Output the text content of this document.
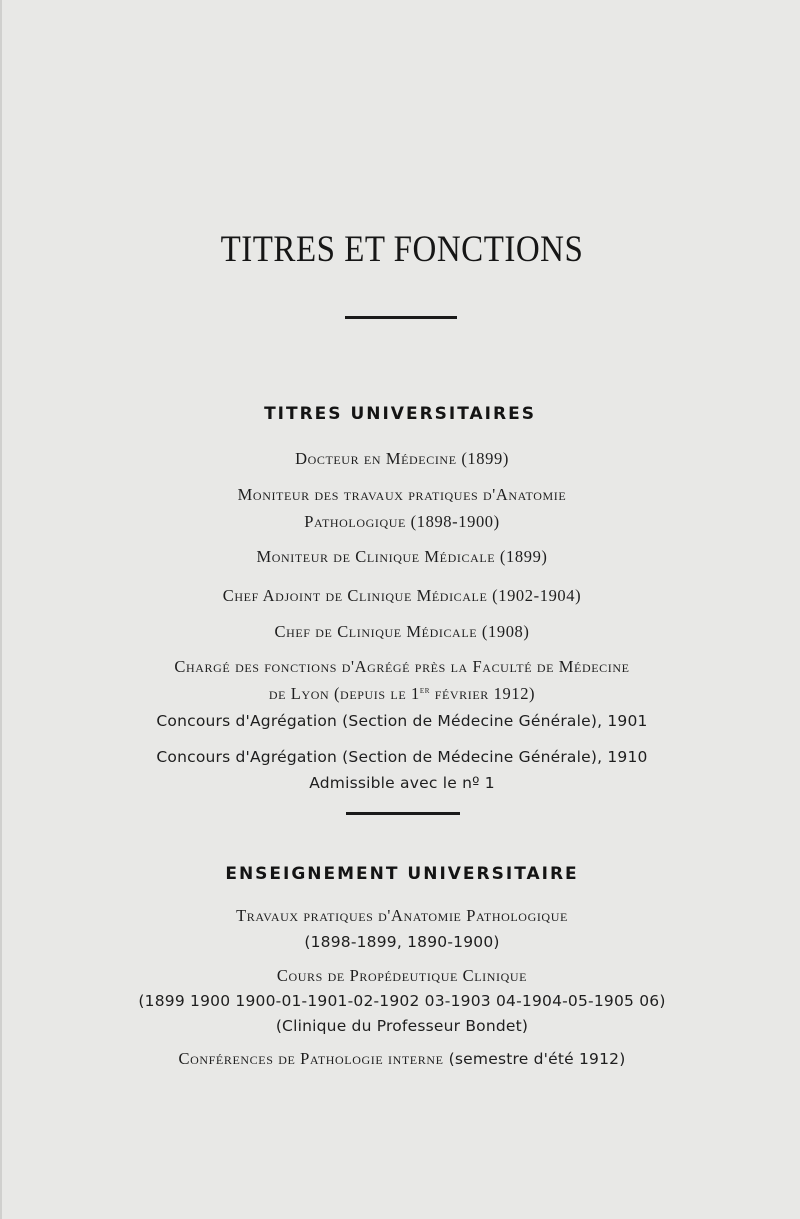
TITRES ET FONCTIONS
TITRES UNIVERSITAIRES
Docteur en Médecine (1899)
Moniteur des travaux pratiques d'Anatomie
Pathologique (1898-1900)
Moniteur de Clinique Médicale (1899)
Chef Adjoint de Clinique Médicale (1902-1904)
Chef de Clinique Médicale (1908)
Chargé des fonctions d'Agrégé près la Faculté de Médecine
de Lyon (depuis le 1er février 1912)
Concours d'Agrégation (Section de Médecine Générale), 1901
Concours d'Agrégation (Section de Médecine Générale), 1910
Admissible avec le nº 1
ENSEIGNEMENT UNIVERSITAIRE
Travaux pratiques d'Anatomie Pathologique
(1898-1899, 1890-1900)
Cours de Propédeutique Clinique
(1899 1900 1900-01-1901-02-1902 03-1903 04-1904-05-1905 06)
(Clinique du Professeur Bondet)
Conférences de Pathologie interne (semestre d'été 1912)
